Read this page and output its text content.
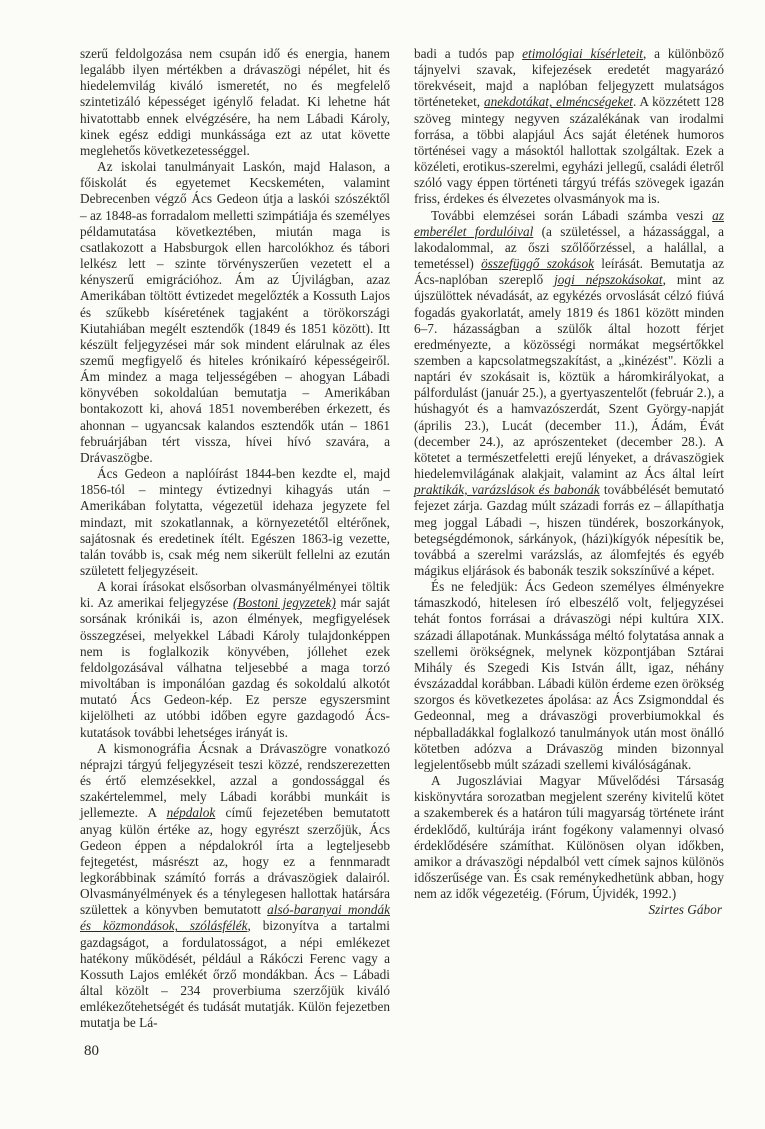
szerű feldolgozása nem csupán idő és energia, hanem legalább ilyen mértékben a drávaszögi népélet, hit és hiedelemvilág kiváló ismeretét, no és megfelelő szintetizáló képességet igénylő feladat. Ki lehetne hát hivatottabb ennek elvégzésére, ha nem Lábadi Károly, kinek egész eddigi munkássága ezt az utat követte meglehetős következetességgel.

Az iskolai tanulmányait Laskón, majd Halason, a főiskolát és egyetemet Kecskeméten, valamint Debrecenben végző Ács Gedeon útja a laskói szószéktől – az 1848-as forradalom melletti szimpátiája és személyes példamutatása következtében, miután maga is csatlakozott a Habsburgok ellen harcolókhoz és tábori lelkész lett – szinte törvényszerűen vezetett el a kényszerű emigrációhoz. Ám az Újvilágban, azaz Amerikában töltött évtizedet megelőzték a Kossuth Lajos és szűkebb kíséretének tagjaként a törökországi Kiutahiában megélt esztendők (1849 és 1851 között). Itt készült feljegyzései már sok mindent elárulnak az éles szemű megfigyelő és hiteles krónikaíró képességeiről. Ám mindez a maga teljességében – ahogyan Lábadi könyvében sokoldalúan bemutatja – Amerikában bontakozott ki, ahová 1851 novemberében érkezett, és ahonnan – ugyancsak kalandos esztendők után – 1861 februárjában tért vissza, hívei hívó szavára, a Drávaszögbe.

Ács Gedeon a naplóírást 1844-ben kezdte el, majd 1856-tól – mintegy évtizednyi kihagyás után – Amerikában folytatta, végezetül idehaza jegyzete fel mindazt, mit szokatlannak, a környezetétől eltérőnek, sajátosnak és eredetinek ítélt. Egészen 1863-ig vezette, talán tovább is, csak még nem sikerült fellelni az ezután született feljegyzéseit.

A korai írásokat elsősorban olvasmányélményei töltik ki. Az amerikai feljegyzése (Bostoni jegyzetek) már saját sorsának krónikái is, azon élmények, megfigyelések összegzései, melyekkel Lábadi Károly tulajdonképpen nem is foglalkozik könyvében, jóllehet ezek feldolgozásával válhatna teljesebbé a maga torzó mivoltában is imponálóan gazdag és sokoldalú alkotót mutató Ács Gedeon-kép. Ez persze egyszersmint kijelölheti az utóbbi időben egyre gazdagodó Ács-kutatások további lehetséges irányát is.

A kismonográfia Ácsnak a Drávaszögre vonatkozó néprajzi tárgyú feljegyzéseit teszi közzé, rendszerezetten és értő elemzésekkel, azzal a gondossággal és szakértelemmel, mely Lábadi korábbi munkáit is jellemezte. A népdalok című fejezetében bemutatott anyag külön értéke az, hogy egyrészt szerzőjük, Ács Gedeon éppen a népdalokról írta a legteljesebb fejtegetést, másrészt az, hogy ez a fennmaradt legkorábbinak számító forrás a drávaszögiek dalairól. Olvasmányélmények és a ténylegesen hallottak határsára születtek a könyvben bemutatott alsó-baranyai mondák és közmondások, szólásfélék, bizonyítva a tartalmi gazdagságot, a fordulatosságot, a népi emlékezet hatékony működését, például a Rákóczi Ferenc vagy a Kossuth Lajos emlékét őrző mondákban. Ács – Lábadi által közölt – 234 proverbiuma szerzőjük kiváló emlékezőtehetségét és tudását mutatják. Külön fejezetben mutatja be Lá-

badi a tudós pap etimológiai kísérleteit, a különböző tájnyelvi szavak, kifejezések eredetét magyarázó törekvéseit, majd a naplóban feljegyzett mulatságos történeteket, anekdotákat, elméncségeket. A közzétett 128 szöveg mintegy negyven százalékának van irodalmi forrása, a többi alapjául Ács saját életének humoros történései vagy a másoktól hallottak szolgáltak. Ezek a közéleti, erotikus-szerelmi, egyházi jellegű, családi életről szóló vagy éppen történeti tárgyú tréfás szövegek igazán friss, érdekes és élvezetes olvasmányok ma is.

További elemzései során Lábadi számba veszi az emberélet fordulóival (a születéssel, a házassággal, a lakodalommal, az őszi szőlőőrzéssel, a halállal, a temetéssel) összefüggő szokások leírását. Bemutatja az Ács-naplóban szereplő jogi népszokásokat, mint az újszülöttek névadását, az egykézés orvoslását célzó fiúvá fogadás gyakorlatát, amely 1819 és 1861 között minden 6–7. házasságban a szülők által hozott férjet eredményezte, a közösségi normákat megsértőkkel szemben a kapcsolatmegszakítást, a „kinézést". Közli a naptári év szokásait is, köztük a háromkirályokat, a pálfordulást (január 25.), a gyertyaszentelőt (február 2.), a húshagyót és a hamvazószerdát, Szent György-napját (április 23.), Lucát (december 11.), Ádám, Évát (december 24.), az aprószenteket (december 28.). A kötetet a természetfeletti erejű lényeket, a drávaszögiek hiedelemvilágának alakjait, valamint az Ács által leírt praktikák, varázslások és babonák továbbélését bemutató fejezet zárja. Gazdag múlt századi forrás ez – állapíthatja meg joggal Lábadi –, hiszen tündérek, boszorkányok, betegségdémonok, sárkányok, (házi)kígyók népesítik be, továbbá a szerelmi varázslás, az álomfejtés és egyéb mágikus eljárások és babonák teszik sokszínűvé a képet.

És ne feledjük: Ács Gedeon személyes élményekre támaszkodó, hitelesen író elbeszélő volt, feljegyzései tehát fontos forrásai a drávaszögi népi kultúra XIX. századi állapotának. Munkássága méltó folytatása annak a szellemi örökségnek, melynek központjában Sztárai Mihály és Szegedi Kis István állt, igaz, néhány évszázaddal korábban. Lábadi külön érdeme ezen örökség szorgos és következetes ápolása: az Ács Zsigmonddal és Gedeonnal, meg a drávaszögi proverbiumokkal és népballadákkal foglalkozó tanulmányok után most önálló kötetben adózva a Drávaszög minden bizonnyal legjelentősebb múlt századi szellemi kiválóságának.

A Jugoszláviai Magyar Művelődési Társaság kiskönyvtára sorozatban megjelent szerény kivitelű kötet a szakemberek és a határon túli magyarság története iránt érdeklődő, kultúrája iránt fogékony valamennyi olvasó érdeklődésére számíthat. Különösen olyan időkben, amikor a drávaszögi népdalból vett címek sajnos különös időszerűsége van. És csak reménykedhetünk abban, hogy nem az idők végezetéig. (Fórum, Újvidék, 1992.)

Szirtes Gábor

80
